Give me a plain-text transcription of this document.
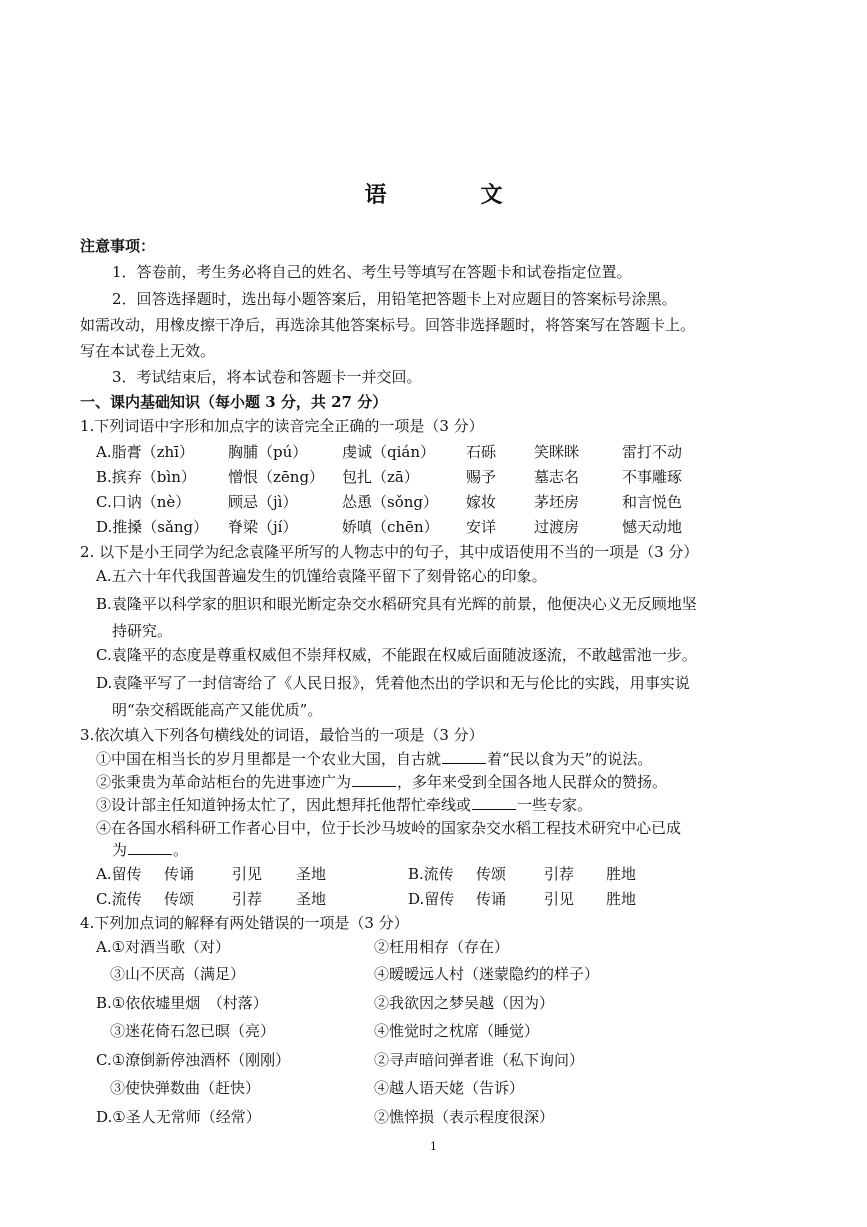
语　文
注意事项：
1．答卷前，考生务必将自己的姓名、考生号等填写在答题卡和试卷指定位置。
2．回答选择题时，选出每小题答案后，用铅笔把答题卡上对应题目的答案标号涂黑。
如需改动，用橡皮擦干净后，再选涂其他答案标号。回答非选择题时，将答案写在答题卡上。
写在本试卷上无效。
3．考试结束后，将本试卷和答题卡一并交回。
一、课内基础知识（每小题 3 分，共 27 分）
1.下列词语中字形和加点字的读音完全正确的一项是（3 分）
A.脂膏（zhī） 胸脯（pú） 虔诚（qián） 石砾	笑眯眯	雷打不动
B.摈弃（bìn） 憎恨（zēng） 包扎（zā）	赐予	墓志名	不事雕琢
C.口讷（nè）	顾忌（jì）	怂恿（sǒng） 嫁妆	茅坯房	和言悦色
D.推搡（sǎng） 脊梁（jí）	娇嗔（chēn） 安详	过渡房	憾天动地
2. 以下是小王同学为纪念袁隆平所写的人物志中的句子，其中成语使用不当的一项是（3 分）
A.五六十年代我国普遍发生的饥馑给袁隆平留下了刻骨铭心的印象。
B.袁隆平以科学家的胆识和眼光断定杂交水稻研究具有光辉的前景，他便决心义无反顾地坚
持研究。
C.袁隆平的态度是尊重权威但不崇拜权威，不能跟在权威后面随波逐流，不敢越雷池一步。
D.袁隆平写了一封信寄给了《人民日报》，凭着他杰出的学识和无与伦比的实践，用事实说
明“杂交稻既能高产又能优质”。
3.依次填入下列各句横线处的词语，最恰当的一项是（3 分）
①中国在相当长的岁月里都是一个农业大国，自古就	着“民以食为天”的说法。
②张秉贵为革命站柜台的先进事迹广为	，多年来受到全国各地人民群众的赞扬。
③设计部主任知道钟扬太忙了，因此想拜托他帮忙牵线或	一些专家。
④在各国水稻科研工作者心目中，位于长沙马坡岭的国家杂交水稻工程技术研究中心已成
为	。
A.留传 传诵	引见 圣地	B.流传 传颂	引荐 胜地
C.流传 传颂	引荐 圣地	D.留传 传诵	引见 胜地
4.下列加点词的解释有两处错误的一项是（3 分）
A.①对酒当歌（对）	②枉用相存（存在）
③山不厌高（满足）	④暧暧远人村（迷蒙隐约的样子）
B.①依依墟里烟　（村落）	②我欲因之梦吴越（因为）
③迷花倚石忽已暝（亮）	④惟觉时之枕席（睡觉）
C.①潦倒新停浊酒杯（刚刚）	②寻声暗问弹者谁（私下询问）
③使快弹数曲（赶快）	④越人语天姥（告诉）
D.①圣人无常师（经常）	②憔悴损（表示程度很深）
1
